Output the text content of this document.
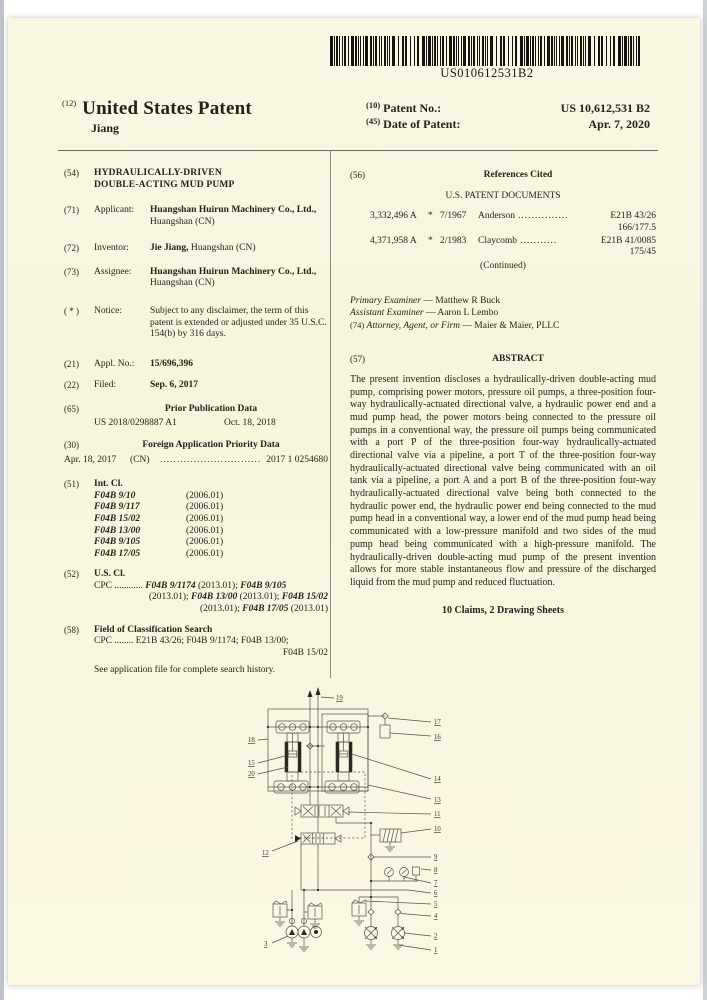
US010612531B2
$^{(12)}$ United States Patent
Jiang
$^{(10)}$ Patent No.:	US 10,612,531 B2
$^{(45)}$ Date of Patent:	Apr. 7, 2020
(54)	HYDRAULICALLY-DRIVEN
DOUBLE-ACTING MUD PUMP
(71)	Applicant:	Huangshan Huirun Machinery Co., Ltd., Huangshan (CN)
(72)	Inventor:	Jie Jiang, Huangshan (CN)
(73)	Assignee:	Huangshan Huirun Machinery Co., Ltd., Huangshan (CN)
( * )	Notice:	Subject to any disclaimer, the term of this patent is extended or adjusted under 35 U.S.C. 154(b) by 316 days.
(21)	Appl. No.:	15/696,396
(22)	Filed:	Sep. 6, 2017
(65)	Prior Publication Data
US 2018/0298887 A1	Oct. 18, 2018
(30)	Foreign Application Priority Data
Apr. 18, 2017	(CN)	.............................. 2017 1 0254680
(51)	Int. Cl.
F04B 9/10	(2006.01)
F04B 9/117	(2006.01)
F04B 15/02	(2006.01)
F04B 13/00	(2006.01)
F04B 9/105	(2006.01)
F04B 17/05	(2006.01)
(52)	U.S. Cl.
CPC ............ F04B 9/1174 (2013.01); F04B 9/105
(2013.01); F04B 13/00 (2013.01); F04B 15/02
(2013.01); F04B 17/05 (2013.01)
(58)	Field of Classification Search
CPC ........ E21B 43/26; F04B 9/1174; F04B 13/00;
F04B 15/02
See application file for complete search history.
(56)	References Cited
U.S. PATENT DOCUMENTS
3,332,496 A	* 7/1967	Anderson ...............	E21B 43/26
166/177.5
4,371,958 A	* 2/1983	Claycomb ...........	E21B 41/0085
175/45
(Continued)
Primary Examiner — Matthew R Buck
Assistant Examiner — Aaron L Lembo
(74) Attorney, Agent, or Firm — Maier & Maier, PLLC
(57)	ABSTRACT
The present invention discloses a hydraulically-driven double-acting mud pump, comprising power motors, pressure oil pumps, a three-position four-way hydraulically-actuated directional valve, a hydraulic power end and a mud pump head, the power motors being connected to the pressure oil pumps in a conventional way, the pressure oil pumps being communicated with a port P of the three-position four-way hydraulically-actuated directional valve via a pipeline, a port T of the three-position four-way hydraulically-actuated directional valve being communicated with an oil tank via a pipeline, a port A and a port B of the three-position four-way hydraulically-actuated directional valve being both connected to the hydraulic power end, the hydraulic power end being connected to the mud pump head in a conventional way, a lower end of the mud pump head being communicated with a low-pressure manifold and two sides of the mud pump head being communicated with a high-pressure manifold. The hydraulically-driven double-acting mud pump of the present invention allows for more stable instantaneous flow and pressure of the discharged liquid from the mud pump and reduced fluctuation.
10 Claims, 2 Drawing Sheets
19
17
16
18
15
20
14
13
11
10
12
9
8
7
6
5
4
3
2
1
